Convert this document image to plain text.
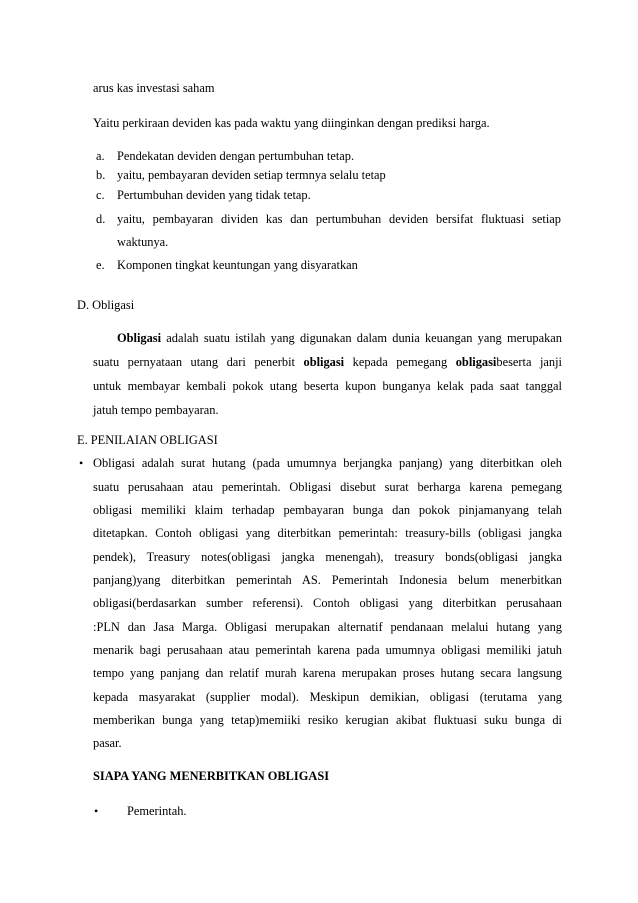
arus kas investasi saham
Yaitu perkiraan deviden kas pada waktu yang diinginkan dengan prediksi harga.
a. Pendekatan deviden dengan pertumbuhan tetap.
b. yaitu, pembayaran deviden setiap termnya selalu tetap
c. Pertumbuhan deviden yang tidak tetap.
d. yaitu, pembayaran dividen kas dan pertumbuhan deviden bersifat fluktuasi setiap
waktunya.
e. Komponen tingkat keuntungan yang disyaratkan
D. Obligasi
Obligasi adalah suatu istilah yang digunakan dalam dunia keuangan yang merupakan
suatu pernyataan utang dari penerbit obligasi kepada pemegang obligasibeserta janji
untuk membayar kembali pokok utang beserta kupon bunganya kelak pada saat tanggal
jatuh tempo pembayaran.
E. PENILAIAN OBLIGASI
• Obligasi adalah surat hutang (pada umumnya berjangka panjang) yang diterbitkan oleh
suatu perusahaan atau pemerintah. Obligasi disebut surat berharga karena pemegang
obligasi memiliki klaim terhadap pembayaran bunga dan pokok pinjamanyang telah
ditetapkan. Contoh obligasi yang diterbitkan pemerintah: treasury-bills (obligasi jangka
pendek), Treasury notes(obligasi jangka menengah), treasury bonds(obligasi jangka
panjang)yang diterbitkan pemerintah AS. Pemerintah Indonesia belum menerbitkan
obligasi(berdasarkan sumber referensi). Contoh obligasi yang diterbitkan perusahaan
:PLN dan Jasa Marga. Obligasi merupakan alternatif pendanaan melalui hutang yang
menarik bagi perusahaan atau pemerintah karena pada umumnya obligasi memiliki jatuh
tempo yang panjang dan relatif murah karena merupakan proses hutang secara langsung
kepada masyarakat (supplier modal). Meskipun demikian, obligasi (terutama yang
memberikan bunga yang tetap)memiiki resiko kerugian akibat fluktuasi suku bunga di
pasar.
SIAPA YANG MENERBITKAN OBLIGASI
• Pemerintah.
